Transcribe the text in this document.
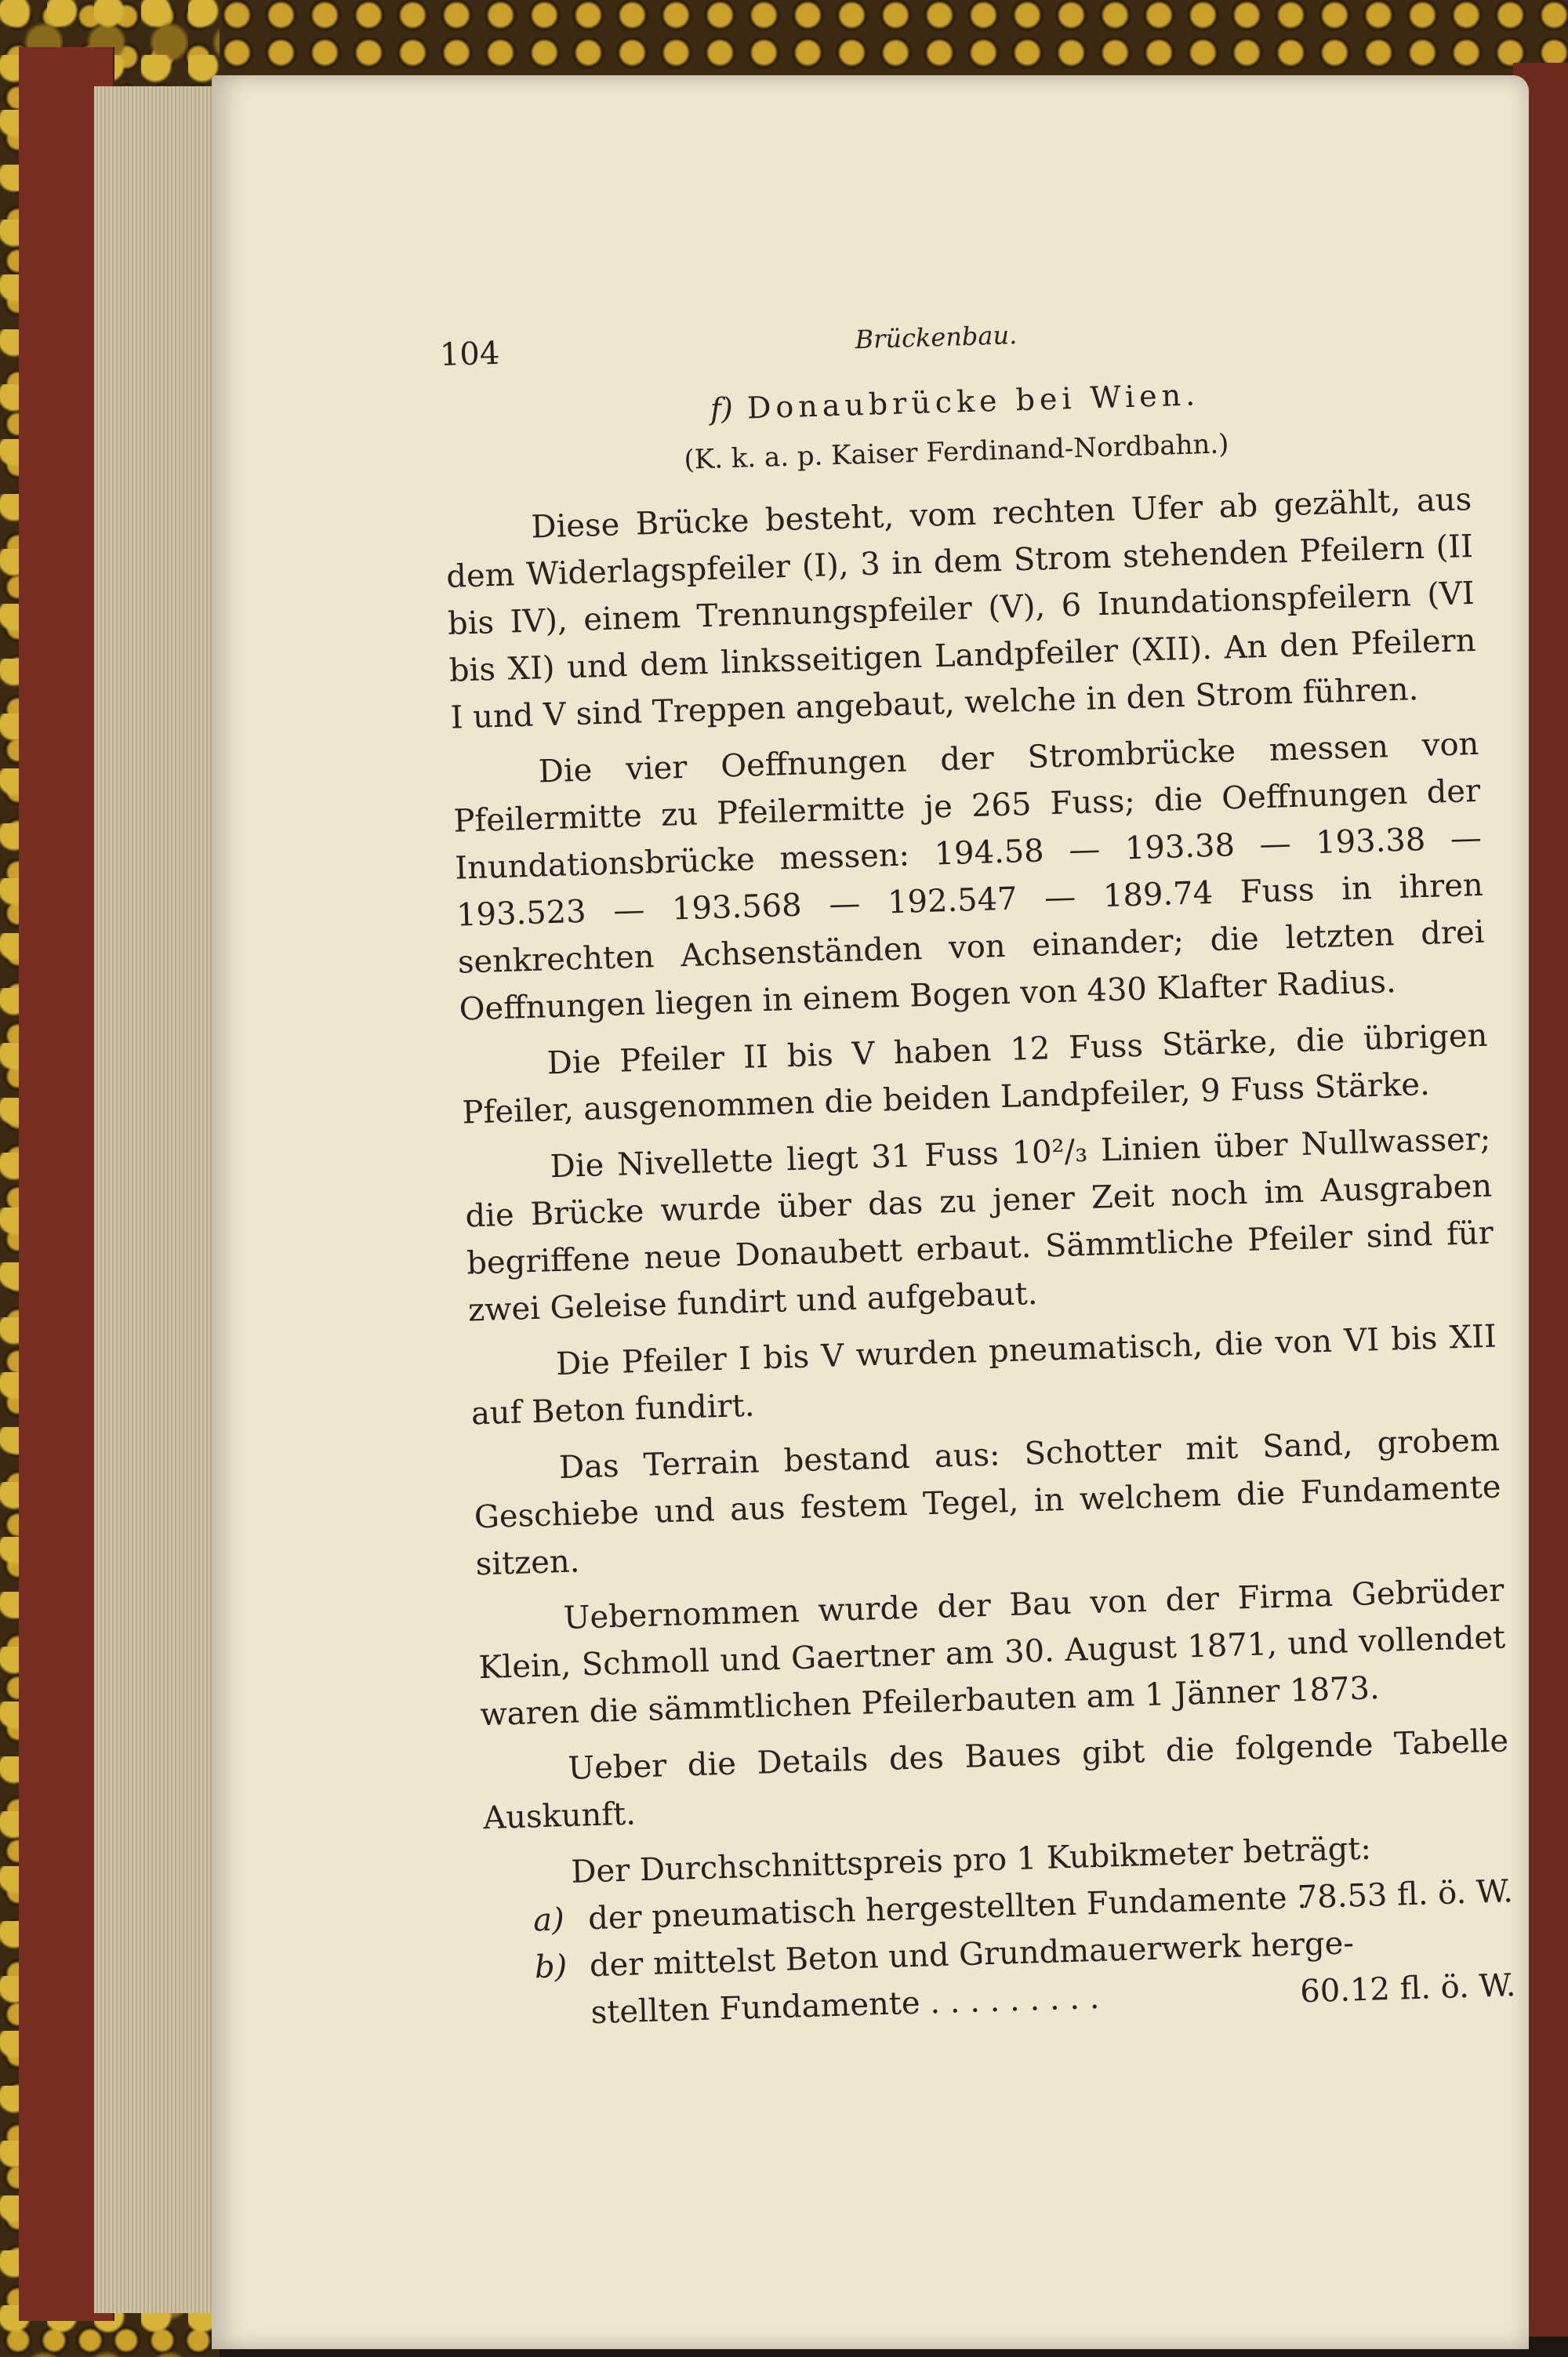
104	Brückenbau.
f) Donaubrücke bei Wien.
(K. k. a. p. Kaiser Ferdinand-Nordbahn.)

Diese Brücke besteht, vom rechten Ufer ab gezählt, aus dem Widerlagspfeiler (I), 3 in dem Strom stehenden Pfeilern (II bis IV), einem Trennungspfeiler (V), 6 Inundationspfeilern (VI bis XI) und dem linksseitigen Landpfeiler (XII). An den Pfeilern I und V sind Treppen angebaut, welche in den Strom führen.

Die vier Oeffnungen der Strombrücke messen von Pfeilermitte zu Pfeilermitte je 265 Fuss; die Oeffnungen der Inundationsbrücke messen: 194.58 — 193.38 — 193.38 — 193.523 — 193.568 — 192.547 — 189.74 Fuss in ihren senkrechten Achsenständen von einander; die letzten drei Oeffnungen liegen in einem Bogen von 430 Klafter Radius.

Die Pfeiler II bis V haben 12 Fuss Stärke, die übrigen Pfeiler, ausgenommen die beiden Landpfeiler, 9 Fuss Stärke.

Die Nivellette liegt 31 Fuss 10²/₃ Linien über Nullwasser; die Brücke wurde über das zu jener Zeit noch im Ausgraben begriffene neue Donaubett erbaut. Sämmtliche Pfeiler sind für zwei Geleise fundirt und aufgebaut.

Die Pfeiler I bis V wurden pneumatisch, die von VI bis XII auf Beton fundirt.

Das Terrain bestand aus: Schotter mit Sand, grobem Geschiebe und aus festem Tegel, in welchem die Fundamente sitzen.

Uebernommen wurde der Bau von der Firma Gebrüder Klein, Schmoll und Gaertner am 30. August 1871, und vollendet waren die sämmtlichen Pfeilerbauten am 1 Jänner 1873.

Ueber die Details des Baues gibt die folgende Tabelle Auskunft.

Der Durchschnittspreis pro 1 Kubikmeter beträgt:

a) der pneumatisch hergestellten Fundamente .
78.53 fl. ö. W.
b) der mittelst Beton und Grundmauerwerk herge-
stellten Fundamente . . . . . . . . .	60.12 fl. ö. W.
